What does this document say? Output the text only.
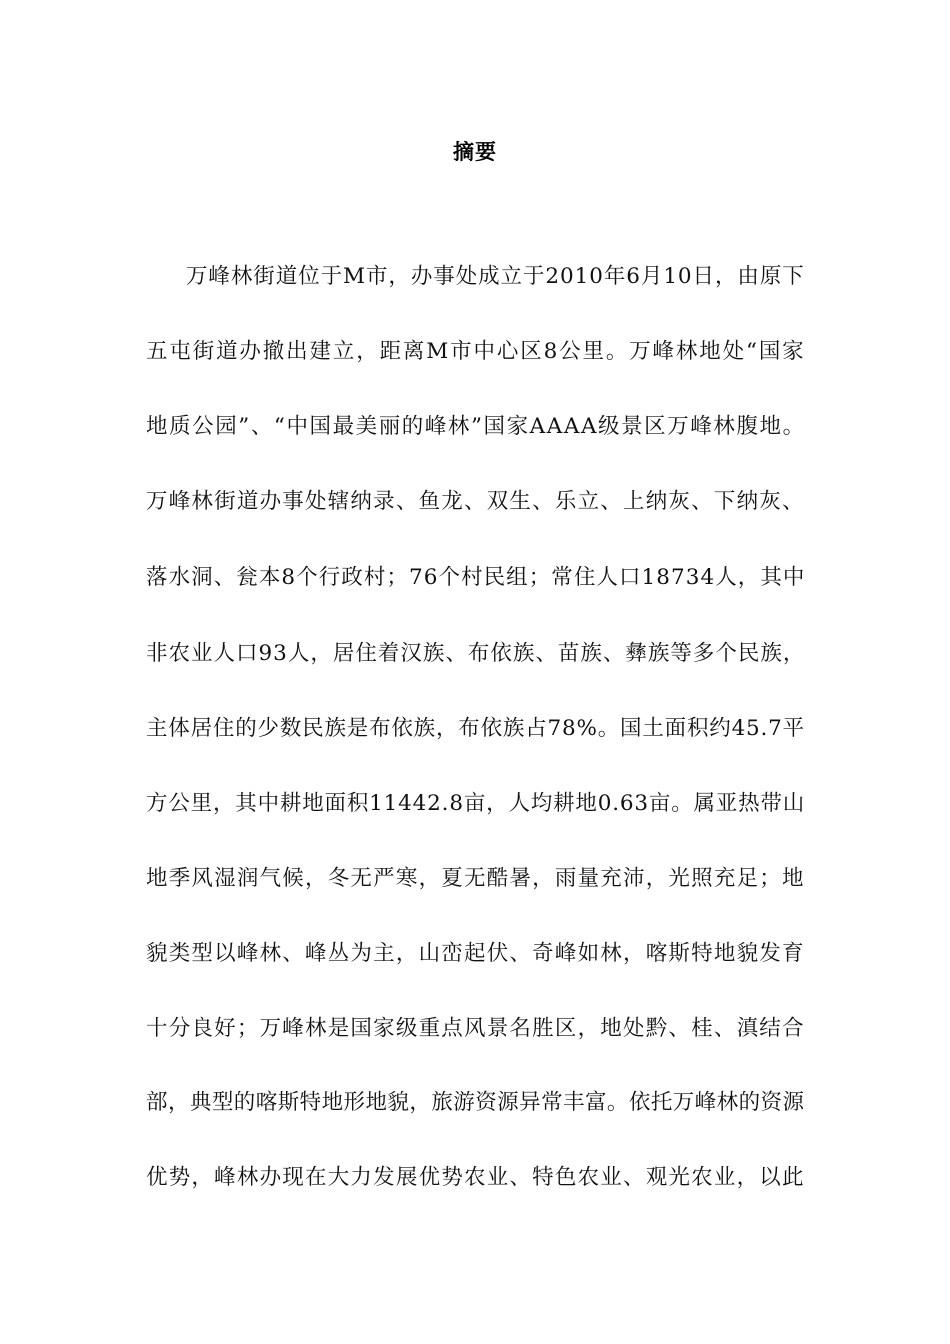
摘要
万峰林街道位于M市，办事处成立于2010年6月10日，由原下
五屯街道办撤出建立，距离M市中心区8公里。万峰林地处“国家
地质公园”、“中国最美丽的峰林”国家AAAA级景区万峰林腹地。
万峰林街道办事处辖纳录、鱼龙、双生、乐立、上纳灰、下纳灰、
落水洞、瓮本8个行政村；76个村民组；常住人口18734人，其中
非农业人口93人，居住着汉族、布依族、苗族、彝族等多个民族，
主体居住的少数民族是布依族，布依族占78%。国土面积约45.7平
方公里，其中耕地面积11442.8亩，人均耕地0.63亩。属亚热带山
地季风湿润气候，冬无严寒，夏无酷暑，雨量充沛，光照充足；地
貌类型以峰林、峰丛为主，山峦起伏、奇峰如林，喀斯特地貌发育
十分良好；万峰林是国家级重点风景名胜区，地处黔、桂、滇结合
部，典型的喀斯特地形地貌，旅游资源异常丰富。依托万峰林的资源
优势，峰林办现在大力发展优势农业、特色农业、观光农业，以此
